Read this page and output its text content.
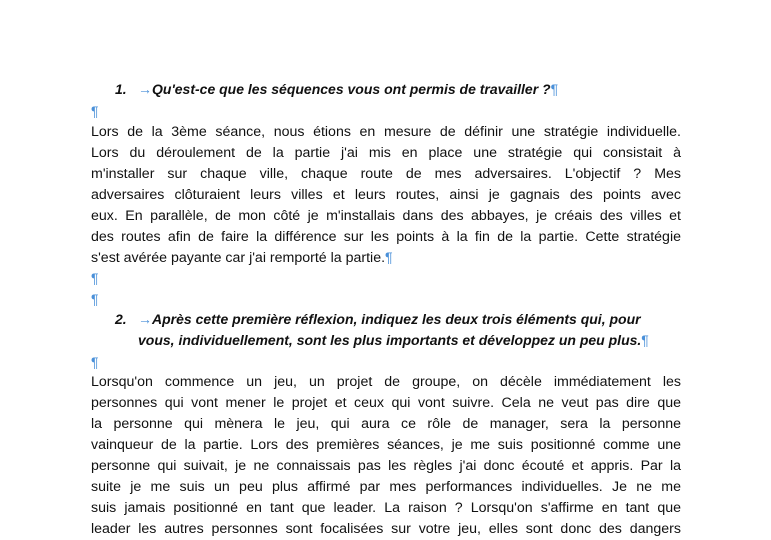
1. →Qu'est-ce que les séquences vous ont permis de travailler ?¶
¶
Lors de la 3ème séance, nous étions en mesure de définir une stratégie individuelle.
Lors du déroulement de la partie j'ai mis en place une stratégie qui consistait à
m'installer sur chaque ville, chaque route de mes adversaires. L'objectif ? Mes
adversaires clôturaient leurs villes et leurs routes, ainsi je gagnais des points avec
eux. En parallèle, de mon côté je m'installais dans des abbayes, je créais des villes et
des routes afin de faire la différence sur les points à la fin de la partie. Cette stratégie
s'est avérée payante car j'ai remporté la partie.¶
¶
¶
2. →Après cette première réflexion, indiquez les deux trois éléments qui, pour
vous, individuellement, sont les plus importants et développez un peu plus.¶
¶
Lorsqu'on commence un jeu, un projet de groupe, on décèle immédiatement les
personnes qui vont mener le projet et ceux qui vont suivre. Cela ne veut pas dire que
la personne qui mènera le jeu, qui aura ce rôle de manager, sera la personne
vainqueur de la partie. Lors des premières séances, je me suis positionné comme une
personne qui suivait, je ne connaissais pas les règles j'ai donc écouté et appris. Par la
suite je me suis un peu plus affirmé par mes performances individuelles. Je ne me
suis jamais positionné en tant que leader. La raison ? Lorsqu'on s'affirme en tant que
leader les autres personnes sont focalisées sur votre jeu, elles sont donc des dangers
